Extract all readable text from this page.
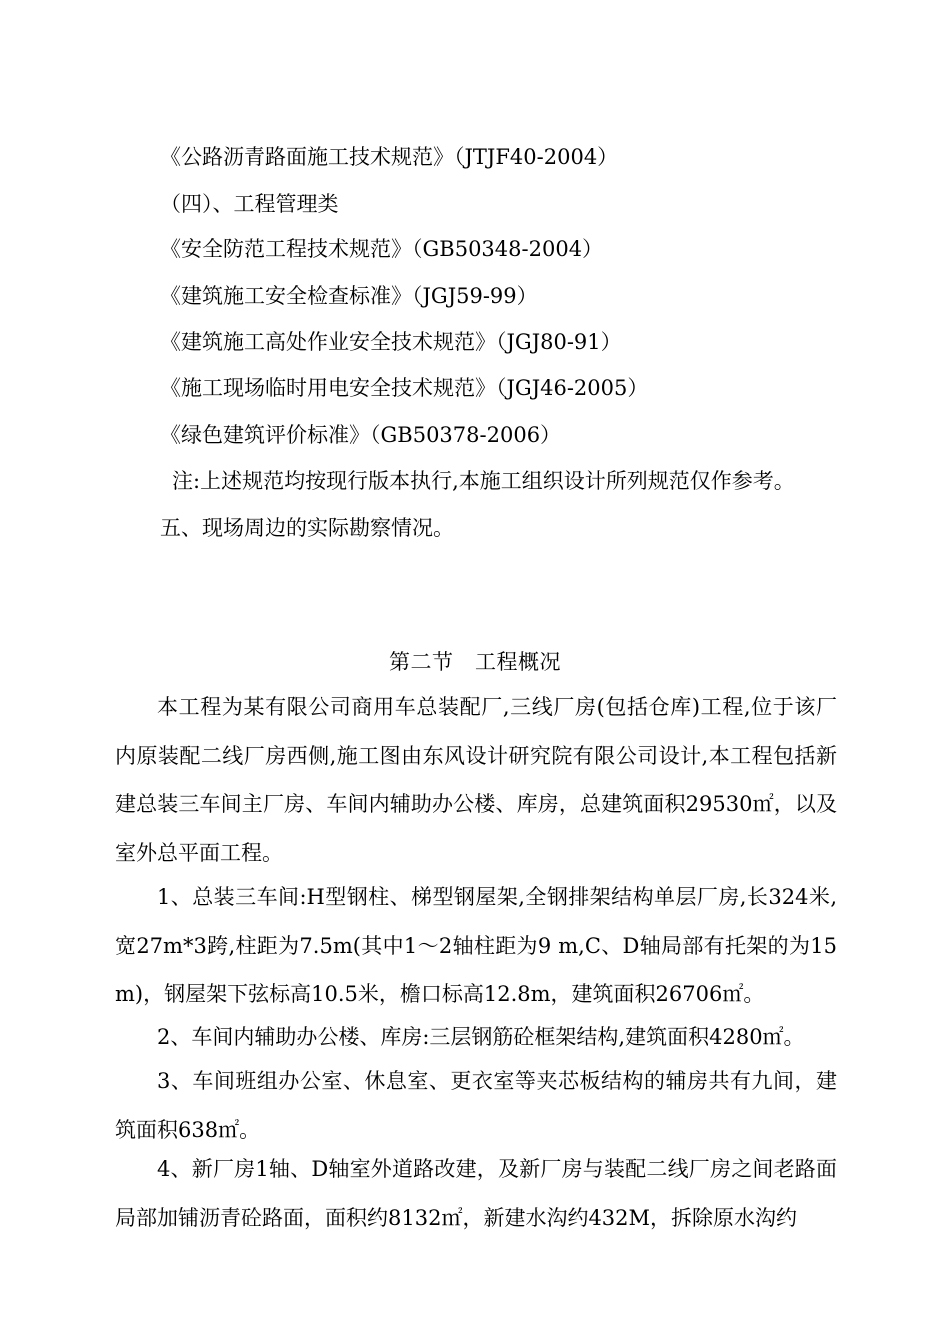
《公路沥青路面施工技术规范》（JTJF40-2004）
（四）、工程管理类
《安全防范工程技术规范》（GB50348-2004）
《建筑施工安全检查标准》（JGJ59-99）
《建筑施工高处作业安全技术规范》（JGJ80-91）
《施工现场临时用电安全技术规范》（JGJ46-2005）
《绿色建筑评价标准》（GB50378-2006）
注:上述规范均按现行版本执行,本施工组织设计所列规范仅作参考。
五、现场周边的实际勘察情况。
第二节　工程概况
本工程为某有限公司商用车总装配厂,三线厂房(包括仓库)工程,位于该厂内原装配二线厂房西侧,施工图由东风设计研究院有限公司设计,本工程包括新建总装三车间主厂房、车间内辅助办公楼、库房，总建筑面积29530㎡，以及室外总平面工程。
1、总装三车间:H型钢柱、梯型钢屋架,全钢排架结构单层厂房,长324米,宽27m*3跨,柱距为7.5m(其中1～2轴柱距为9 m,C、D轴局部有托架的为15 m)，钢屋架下弦标高10.5米，檐口标高12.8m，建筑面积26706㎡。
2、车间内辅助办公楼、库房:三层钢筋砼框架结构,建筑面积4280㎡。
3、车间班组办公室、休息室、更衣室等夹芯板结构的辅房共有九间，建筑面积638㎡。
4、新厂房1轴、D轴室外道路改建，及新厂房与装配二线厂房之间老路面局部加铺沥青砼路面，面积约8132㎡，新建水沟约432M，拆除原水沟约
